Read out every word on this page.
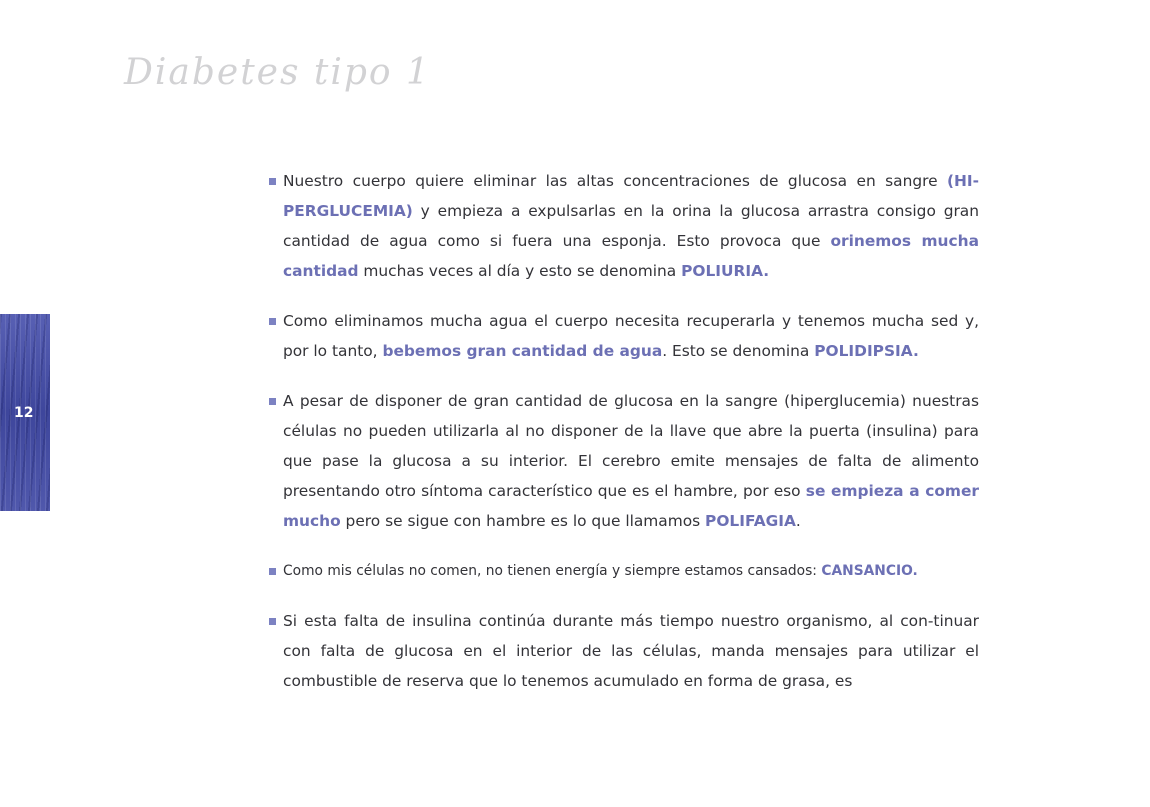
Diabetes tipo 1
12

Nuestro cuerpo quiere eliminar las altas concentraciones de glucosa en sangre (HI-PERGLUCEMIA) y empieza a expulsarlas en la orina la glucosa arrastra consigo gran cantidad de agua como si fuera una esponja. Esto provoca que orinemos mucha cantidad muchas veces al día y esto se denomina POLIURIA.

Como eliminamos mucha agua el cuerpo necesita recuperarla y tenemos mucha sed y, por lo tanto, bebemos gran cantidad de agua. Esto se denomina POLIDIPSIA.

A pesar de disponer de gran cantidad de glucosa en la sangre (hiperglucemia) nuestras células no pueden utilizarla al no disponer de la llave que abre la puerta (insulina) para que pase la glucosa a su interior. El cerebro emite mensajes de falta de alimento presentando otro síntoma característico que es el hambre, por eso se empieza a comer mucho pero se sigue con hambre es lo que llamamos POLIFAGIA.

Como mis células no comen, no tienen energía y siempre estamos cansados: CANSANCIO.

Si esta falta de insulina continúa durante más tiempo nuestro organismo, al con-tinuar con falta de glucosa en el interior de las células, manda mensajes para utilizar el combustible de reserva que lo tenemos acumulado en forma de grasa, es
